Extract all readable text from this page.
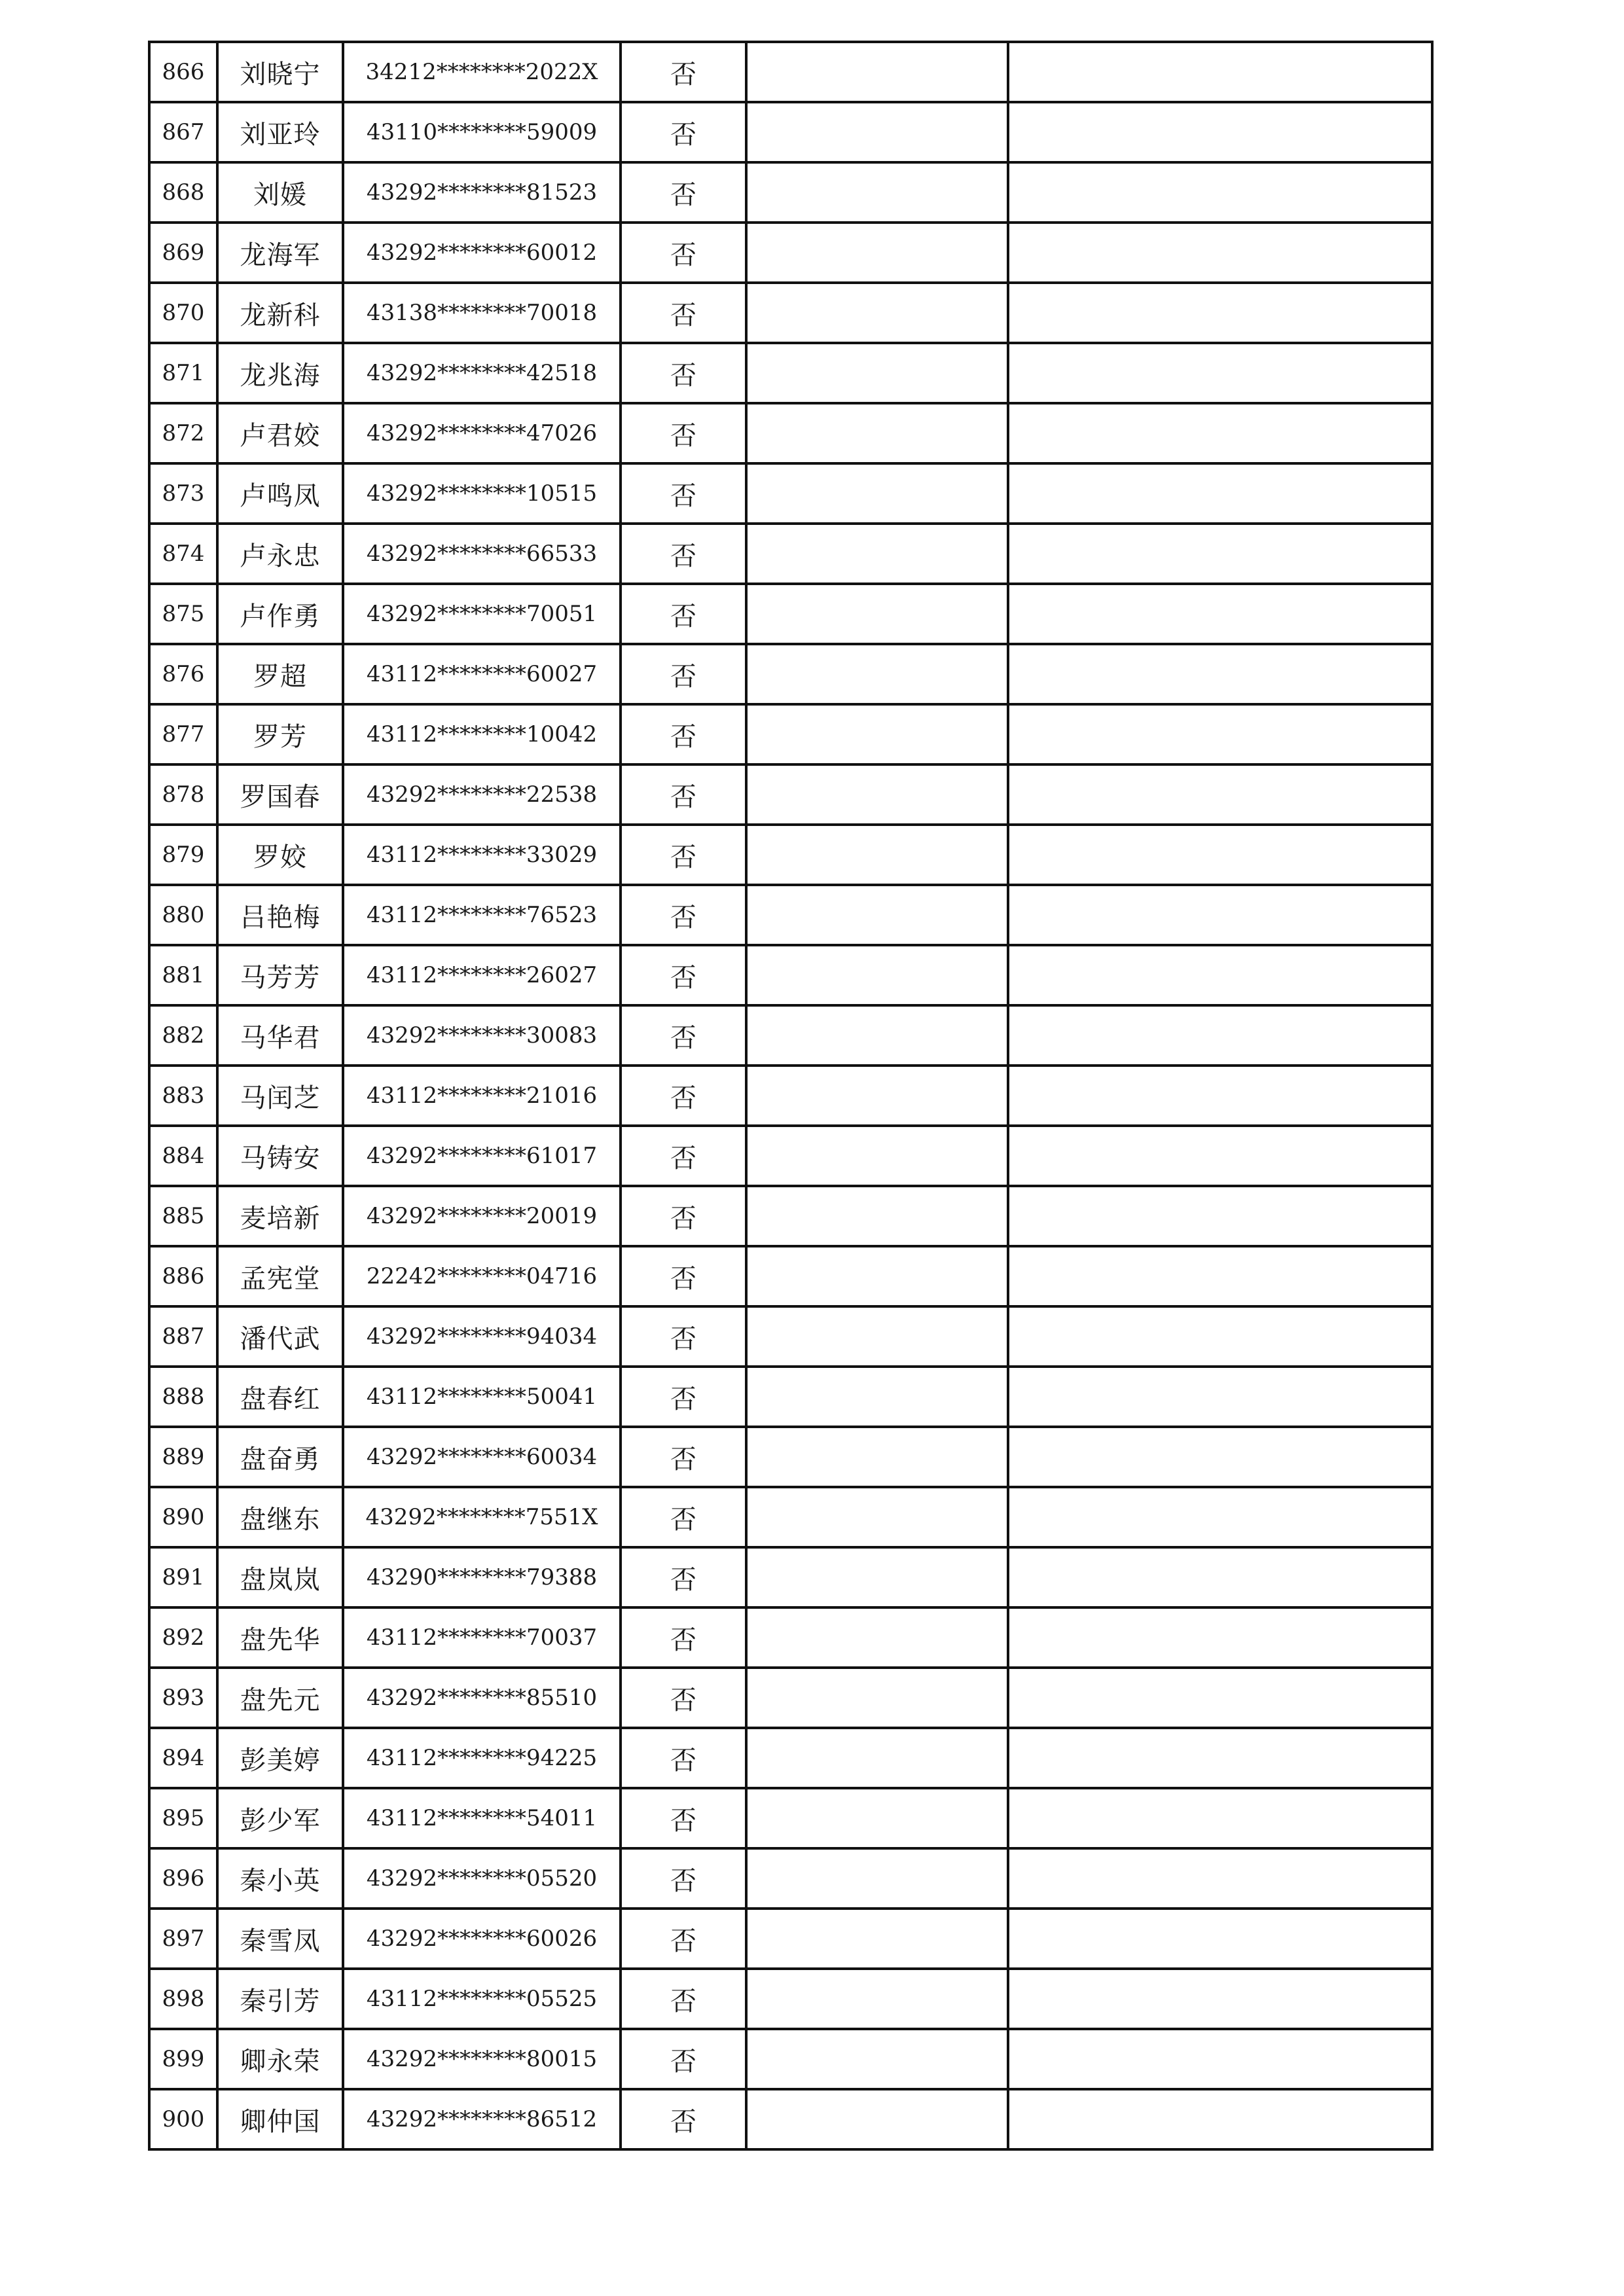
866	刘晓宁	34212********2022X	否		
867	刘亚玲	43110********59009	否		
868	刘媛	43292********81523	否		
869	龙海军	43292********60012	否		
870	龙新科	43138********70018	否		
871	龙兆海	43292********42518	否		
872	卢君姣	43292********47026	否		
873	卢鸣凤	43292********10515	否		
874	卢永忠	43292********66533	否		
875	卢作勇	43292********70051	否		
876	罗超	43112********60027	否		
877	罗芳	43112********10042	否		
878	罗国春	43292********22538	否		
879	罗姣	43112********33029	否		
880	吕艳梅	43112********76523	否		
881	马芳芳	43112********26027	否		
882	马华君	43292********30083	否		
883	马闰芝	43112********21016	否		
884	马铸安	43292********61017	否		
885	麦培新	43292********20019	否		
886	孟宪堂	22242********04716	否		
887	潘代武	43292********94034	否		
888	盘春红	43112********50041	否		
889	盘奋勇	43292********60034	否		
890	盘继东	43292********7551X	否		
891	盘岚岚	43290********79388	否		
892	盘先华	43112********70037	否		
893	盘先元	43292********85510	否		
894	彭美婷	43112********94225	否		
895	彭少军	43112********54011	否		
896	秦小英	43292********05520	否		
897	秦雪凤	43292********60026	否		
898	秦引芳	43112********05525	否		
899	卿永荣	43292********80015	否		
900	卿仲国	43292********86512	否		
